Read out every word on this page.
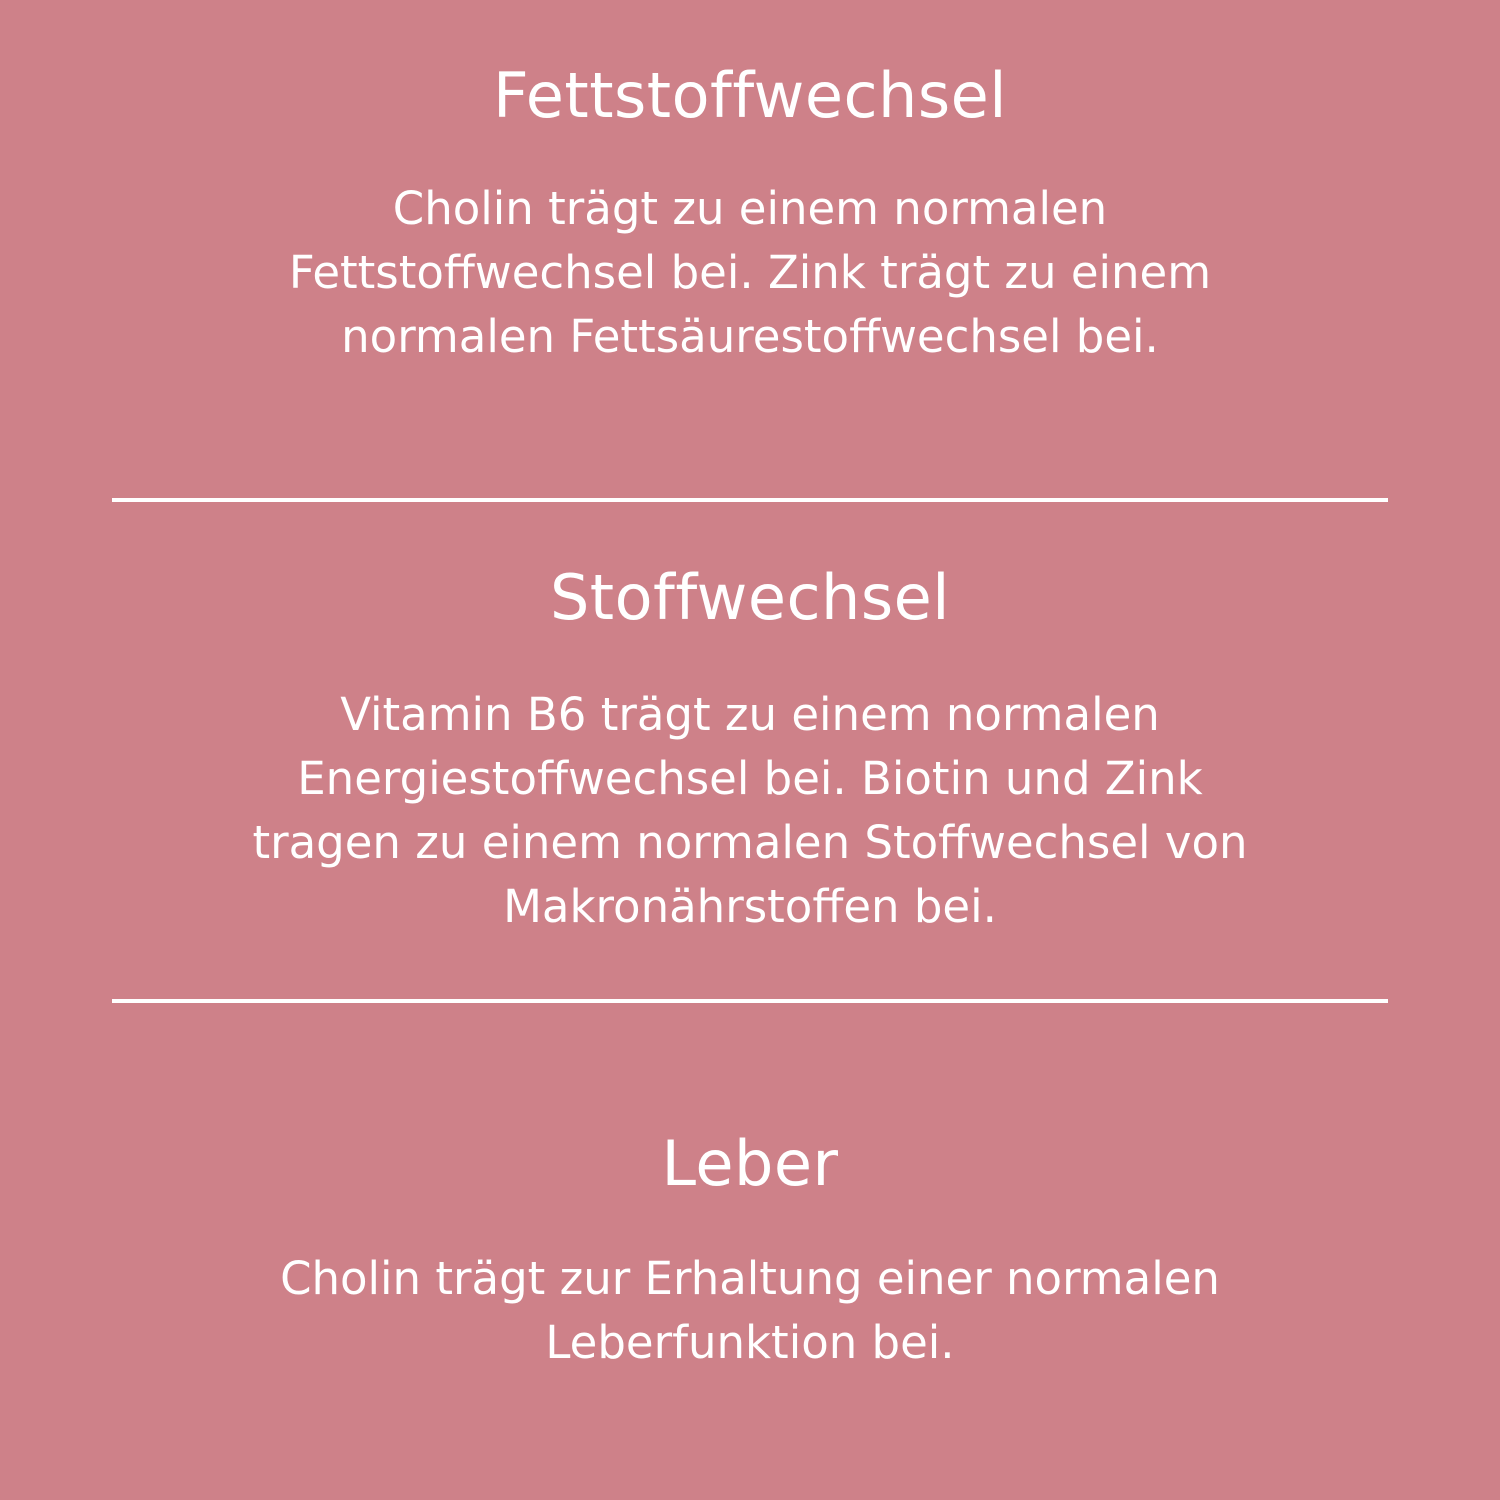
Fettstoffwechsel

Cholin trägt zu einem normalen Fettstoffwechsel bei. Zink trägt zu einem normalen Fettsäurestoffwechsel bei.

Stoffwechsel

Vitamin B6 trägt zu einem normalen Energiestoffwechsel bei. Biotin und Zink tragen zu einem normalen Stoffwechsel von Makronährstoffen bei.

Leber

Cholin trägt zur Erhaltung einer normalen Leberfunktion bei.
